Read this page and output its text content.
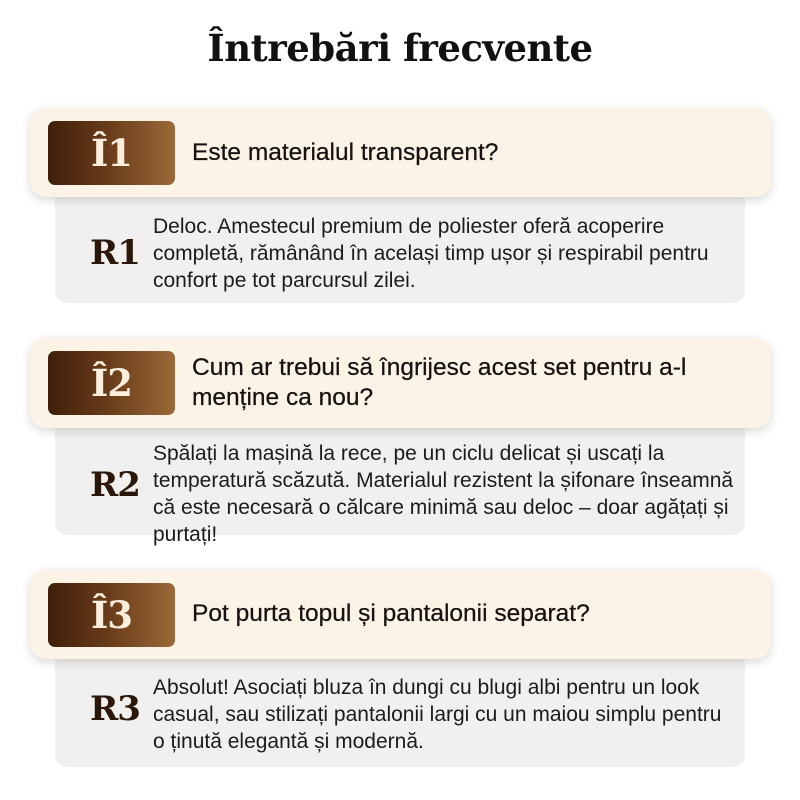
Întrebări frecvente
Î1	Este materialul transparent?
R1
Deloc. Amestecul premium de poliester oferă acoperire completă, rămânând în același timp ușor și respirabil pentru confort pe tot parcursul zilei.
Î2	Cum ar trebui să îngrijesc acest set pentru a-l menține ca nou?
R2
Spălați la mașină la rece, pe un ciclu delicat și uscați la temperatură scăzută. Materialul rezistent la șifonare înseamnă că este necesară o călcare minimă sau deloc – doar agățați și purtați!
Î3	Pot purta topul și pantalonii separat?
R3
Absolut! Asociați bluza în dungi cu blugi albi pentru un look casual, sau stilizați pantalonii largi cu un maiou simplu pentru o ținută elegantă și modernă.
